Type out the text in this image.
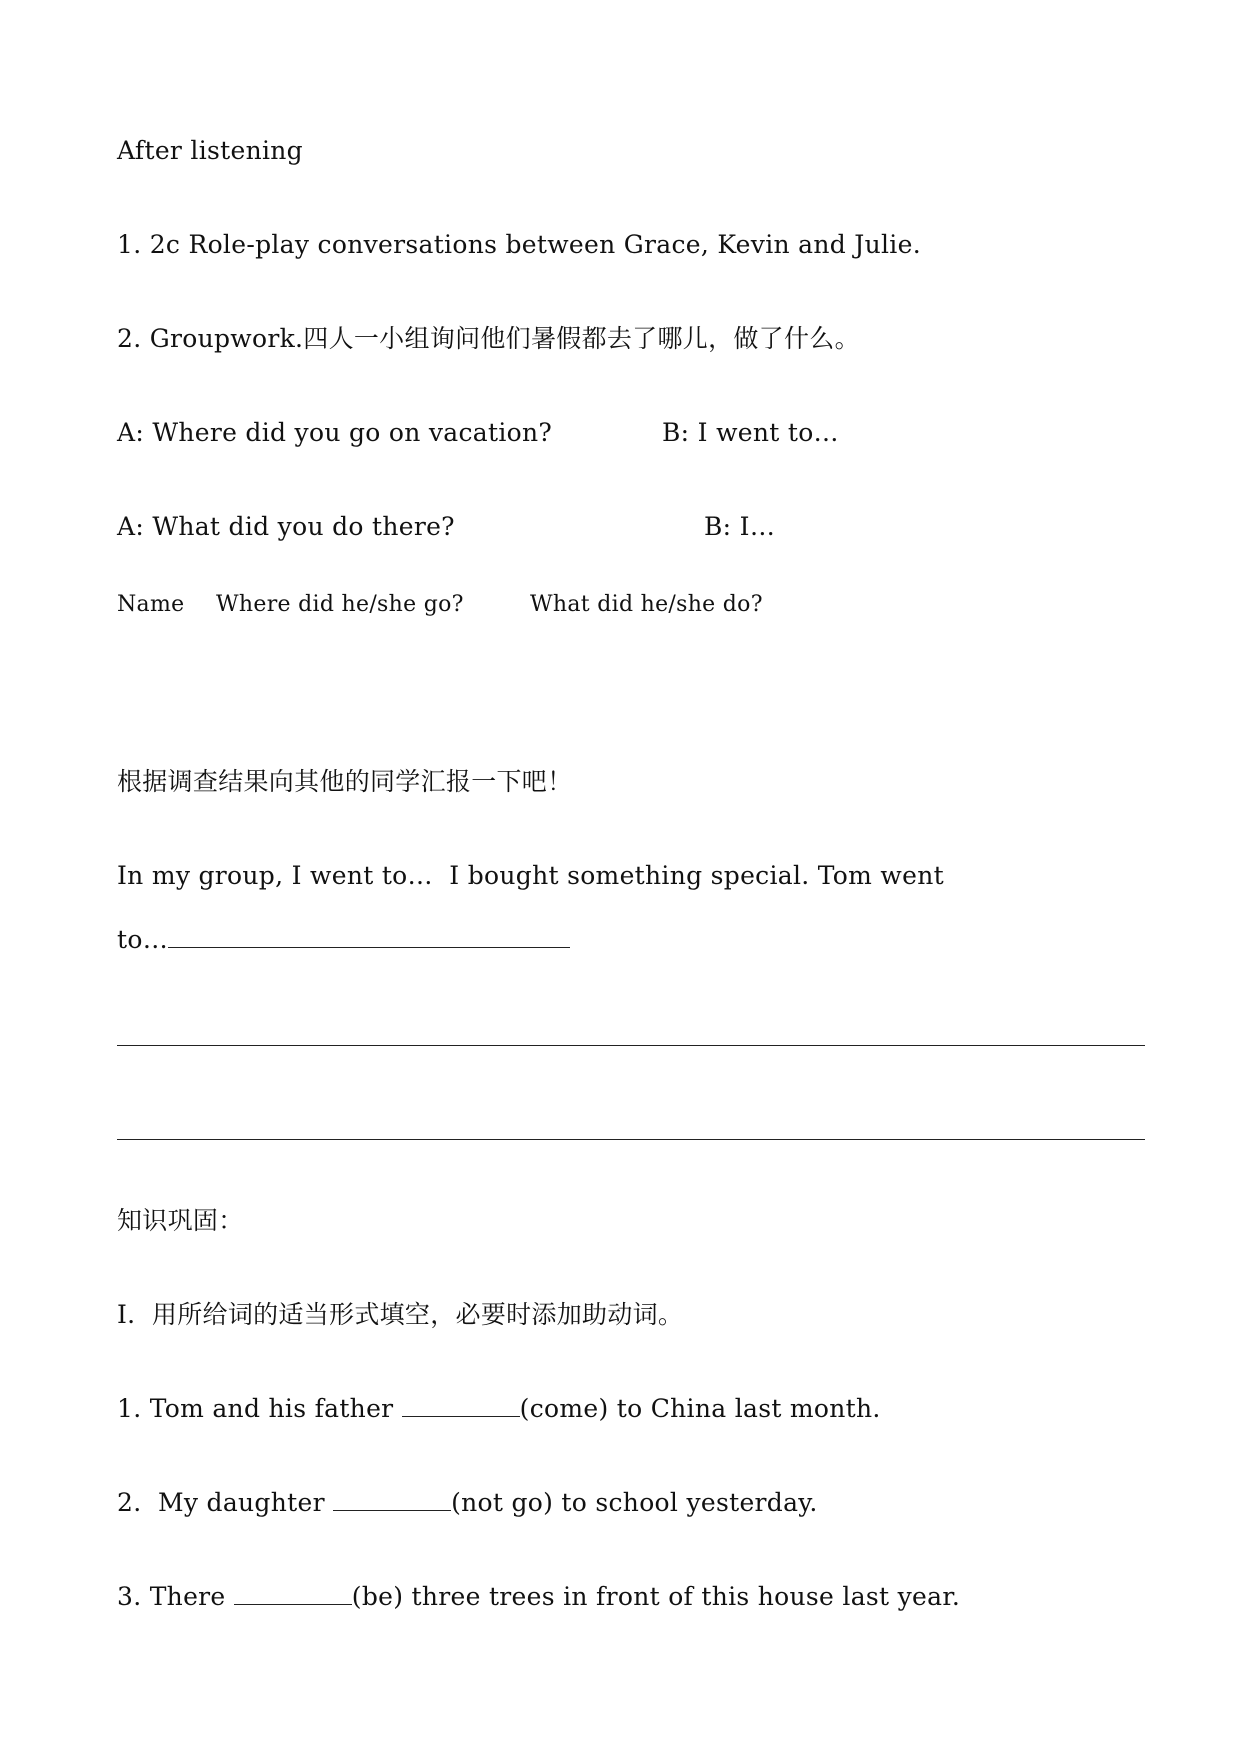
After listening
1. 2c Role-play conversations between Grace, Kevin and Julie.
2. Groupwork.四人一小组询问他们暑假都去了哪儿，做了什么。
A: Where did you go on vacation?	B: I went to…
A: What did you do there?	B: I…
Name Where did he/she go?	What did he/she do?
根据调查结果向其他的同学汇报一下吧！
In my group, I went to…  I bought something special. Tom went
to…
知识巩固：
I.  用所给词的适当形式填空，必要时添加助动词。
1. Tom and his father	(come) to China last month.
2.  My daughter	(not go) to school yesterday.
3. There	(be) three trees in front of this house last year.
